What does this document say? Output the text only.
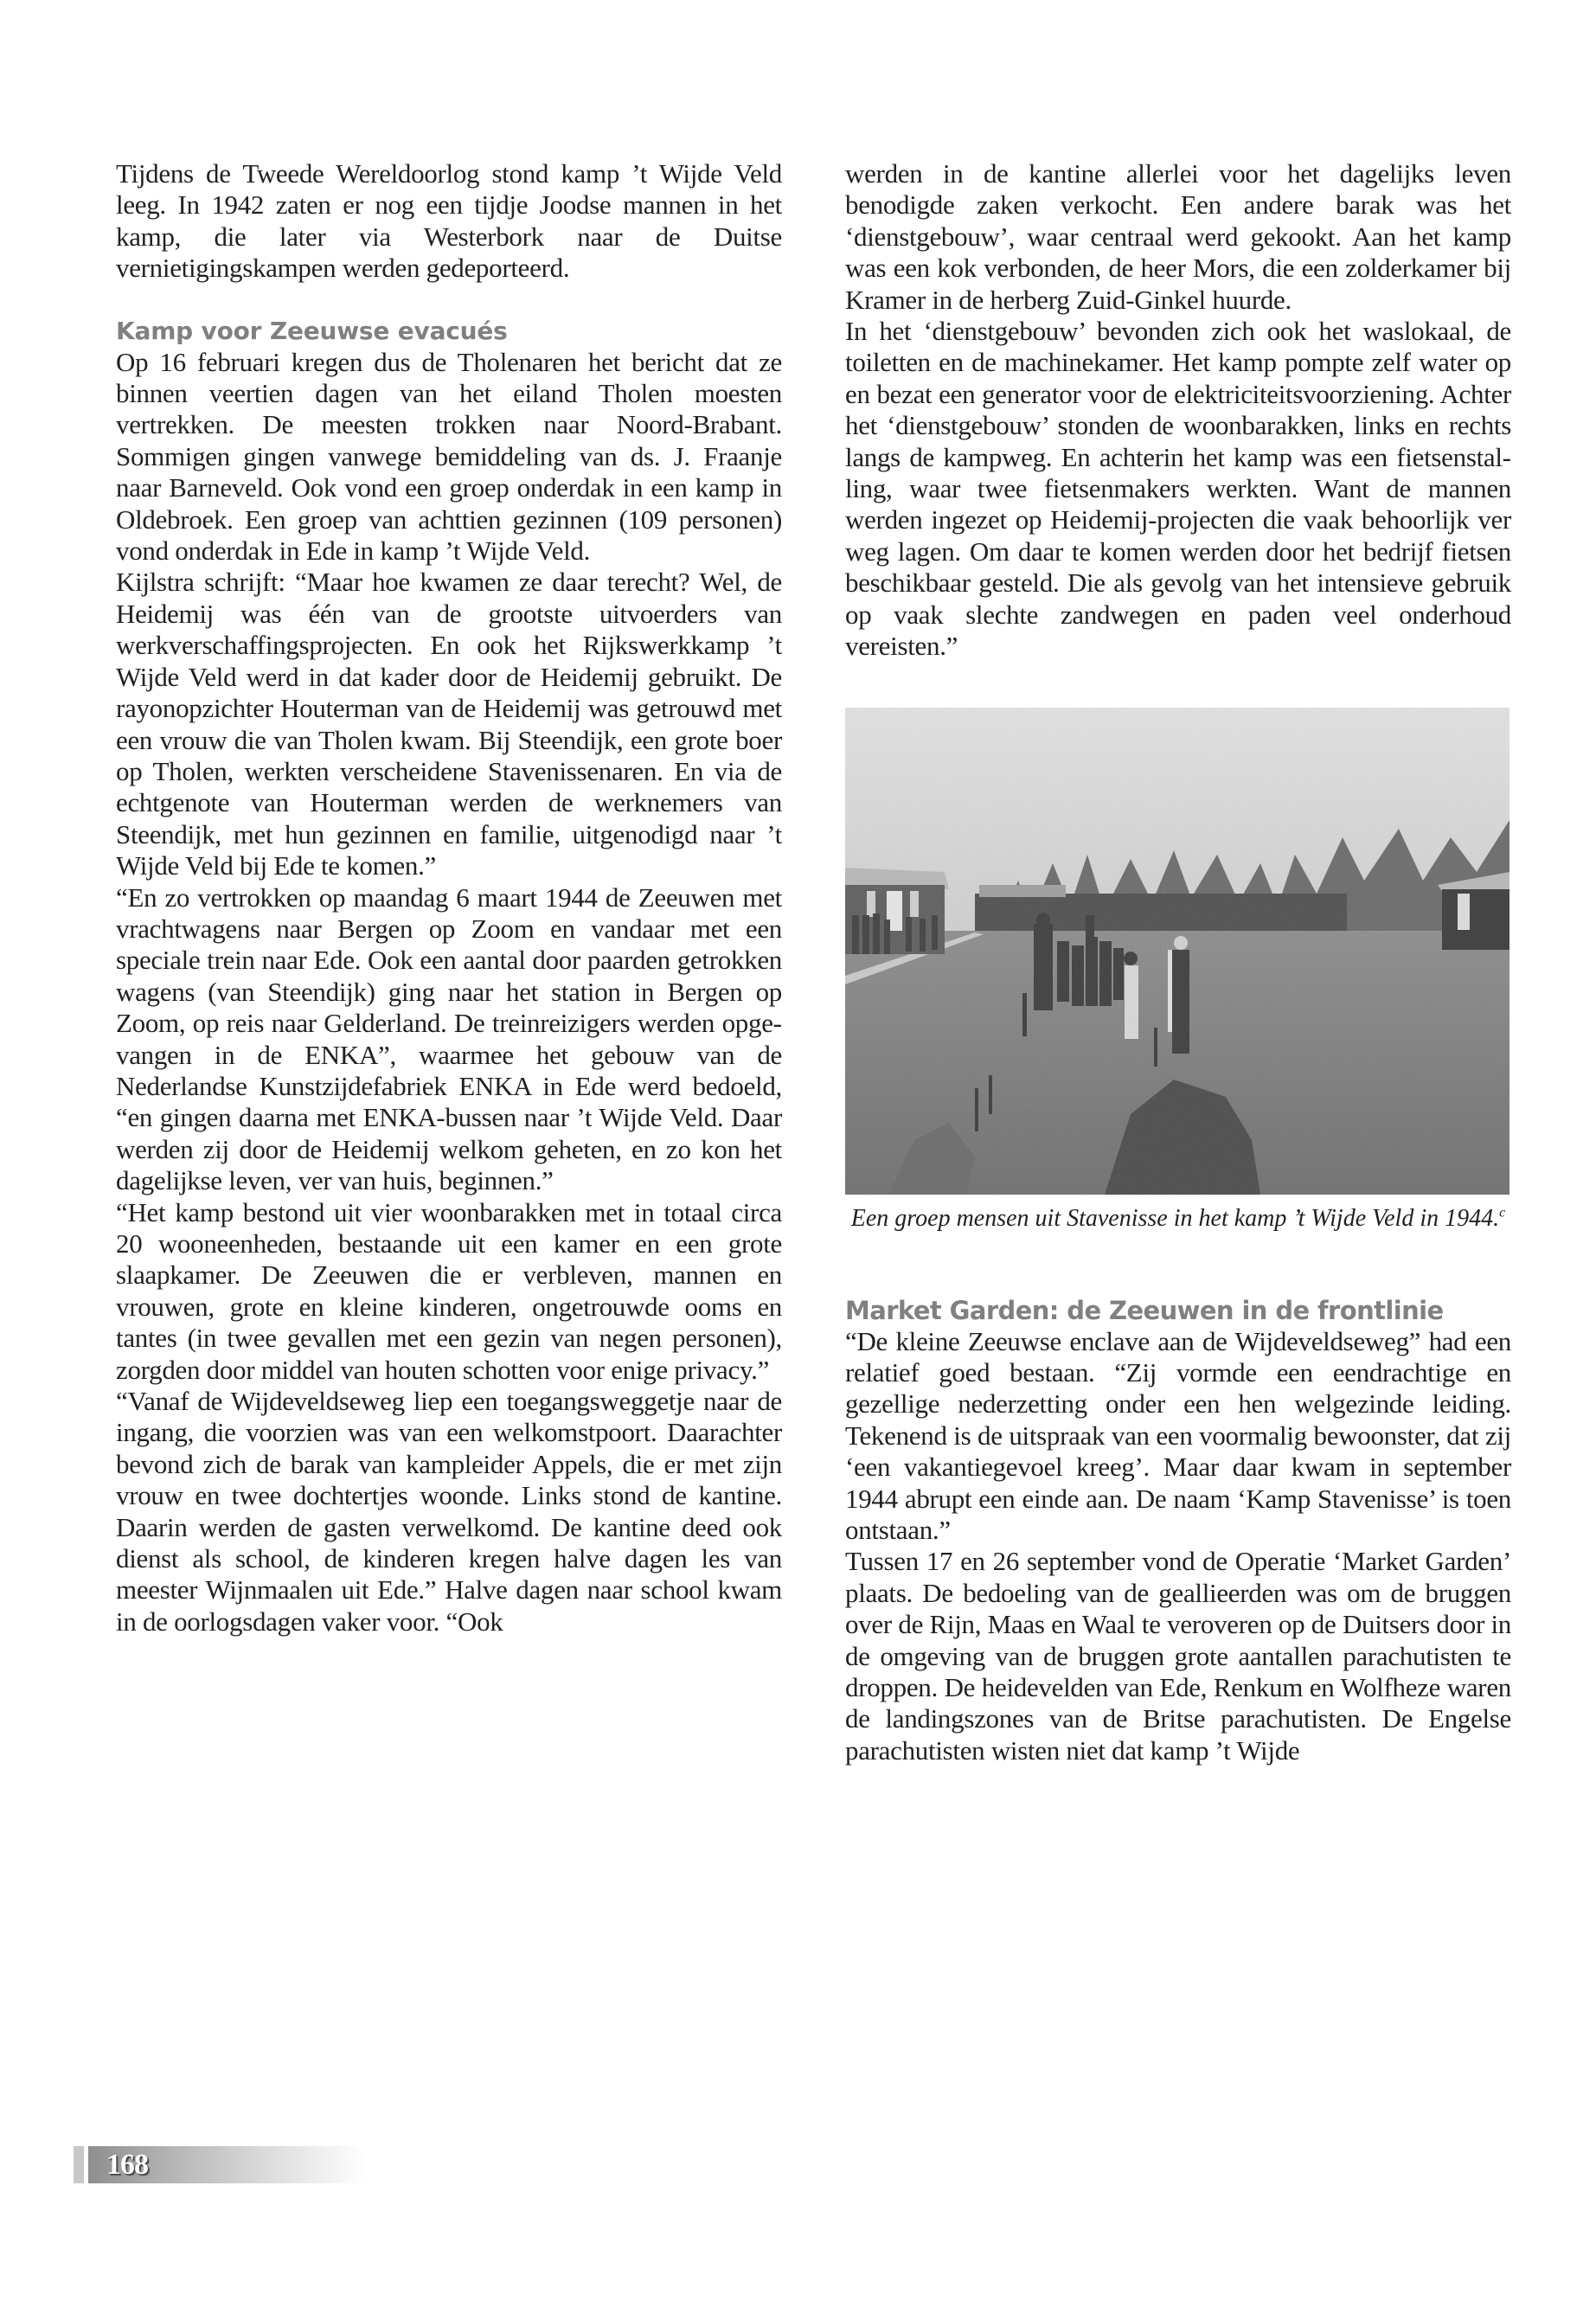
Tijdens de Tweede Wereldoorlog stond kamp ’t Wijde Veld leeg. In 1942 zaten er nog een tijdje Joodse mannen in het kamp, die later via Westerbork naar de Duitse vernietigingskampen werden gedeporteerd.

Kamp voor Zeeuwse evacués

Op 16 februari kregen dus de Tholenaren het bericht dat ze binnen veertien dagen van het eiland Tholen moesten vertrekken. De meesten trokken naar Noord-Brabant. Sommigen gingen vanwege bemiddeling van ds. J. Fraanje naar Barneveld. Ook vond een groep onderdak in een kamp in Oldebroek. Een groep van achttien gezinnen (109 personen) vond onderdak in Ede in kamp ’t Wijde Veld.

Kijlstra schrijft: “Maar hoe kwamen ze daar terecht? Wel, de Heidemij was één van de grootste uitvoerders van werkverschaffingsprojecten. En ook het Rijkswerkkamp ’t Wijde Veld werd in dat kader door de Heidemij gebruikt. De rayonopzichter Houterman van de Heidemij was getrouwd met een vrouw die van Tholen kwam. Bij Steendijk, een grote boer op Tholen, werkten verscheidene Stavenissenaren. En via de echtgenote van Houterman werden de werknemers van Steendijk, met hun gezinnen en familie, uitgenodigd naar ’t Wijde Veld bij Ede te komen.”

“En zo vertrokken op maandag 6 maart 1944 de Zeeuwen met vrachtwagens naar Bergen op Zoom en vandaar met een speciale trein naar Ede. Ook een aantal door paarden getrokken wagens (van Steendijk) ging naar het station in Bergen op Zoom, op reis naar Gelderland. De treinreizigers werden opgevangen in de ENKA”, waarmee het gebouw van de Nederlandse Kunstzijdefabriek ENKA in Ede werd bedoeld, “en gingen daarna met ENKA-bussen naar ’t Wijde Veld. Daar werden zij door de Heidemij welkom geheten, en zo kon het dagelijkse leven, ver van huis, beginnen.”

“Het kamp bestond uit vier woonbarakken met in totaal circa 20 wooneenheden, bestaande uit een kamer en een grote slaapkamer. De Zeeuwen die er verbleven, mannen en vrouwen, grote en kleine kinderen, ongetrouwde ooms en tantes (in twee gevallen met een gezin van negen personen), zorgden door middel van houten schotten voor enige privacy.”

“Vanaf de Wijdeveldseweg liep een toegangsweggetje naar de ingang, die voorzien was van een welkomstpoort. Daarachter bevond zich de barak van kampleider Appels, die er met zijn vrouw en twee dochtertjes woonde. Links stond de kantine. Daarin werden de gasten verwelkomd. De kantine deed ook dienst als school, de kinderen kregen halve dagen les van meester Wijnmaalen uit Ede.” Halve dagen naar school kwam in de oorlogsdagen vaker voor. “Ook

werden in de kantine allerlei voor het dagelijks leven benodigde zaken verkocht. Een andere barak was het ‘dienstgebouw’, waar centraal werd gekookt. Aan het kamp was een kok verbonden, de heer Mors, die een zolderkamer bij Kramer in de herberg Zuid-Ginkel huurde.

In het ‘dienstgebouw’ bevonden zich ook het waslokaal, de toiletten en de machinekamer. Het kamp pompte zelf water op en bezat een generator voor de elektriciteitsvoorziening. Achter het ‘dienstgebouw’ stonden de woonbarakken, links en rechts langs de kampweg. En achterin het kamp was een fietsenstalling, waar twee fietsenmakers werkten. Want de mannen werden ingezet op Heidemij-projecten die vaak behoorlijk ver weg lagen. Om daar te komen werden door het bedrijf fietsen beschikbaar gesteld. Die als gevolg van het intensieve gebruik op vaak slechte zandwegen en paden veel onderhoud vereisten.”

Een groep mensen uit Stavenisse in het kamp ’t Wijde Veld in 1944.$^c$
Market Garden: de Zeeuwen in de frontlinie

“De kleine Zeeuwse enclave aan de Wijdeveldseweg” had een relatief goed bestaan. “Zij vormde een eendrachtige en gezellige nederzetting onder een hen welgezinde leiding. Tekenend is de uitspraak van een voormalig bewoonster, dat zij ‘een vakantiegevoel kreeg’. Maar daar kwam in september 1944 abrupt een einde aan. De naam ‘Kamp Stavenisse’ is toen ontstaan.”

Tussen 17 en 26 september vond de Operatie ‘Market Garden’ plaats. De bedoeling van de geallieerden was om de bruggen over de Rijn, Maas en Waal te veroveren op de Duitsers door in de omgeving van de bruggen grote aantallen parachutisten te droppen. De heidevelden van Ede, Renkum en Wolfheze waren de landingszones van de Britse parachutisten. De Engelse parachutisten wisten niet dat kamp ’t Wijde

168
